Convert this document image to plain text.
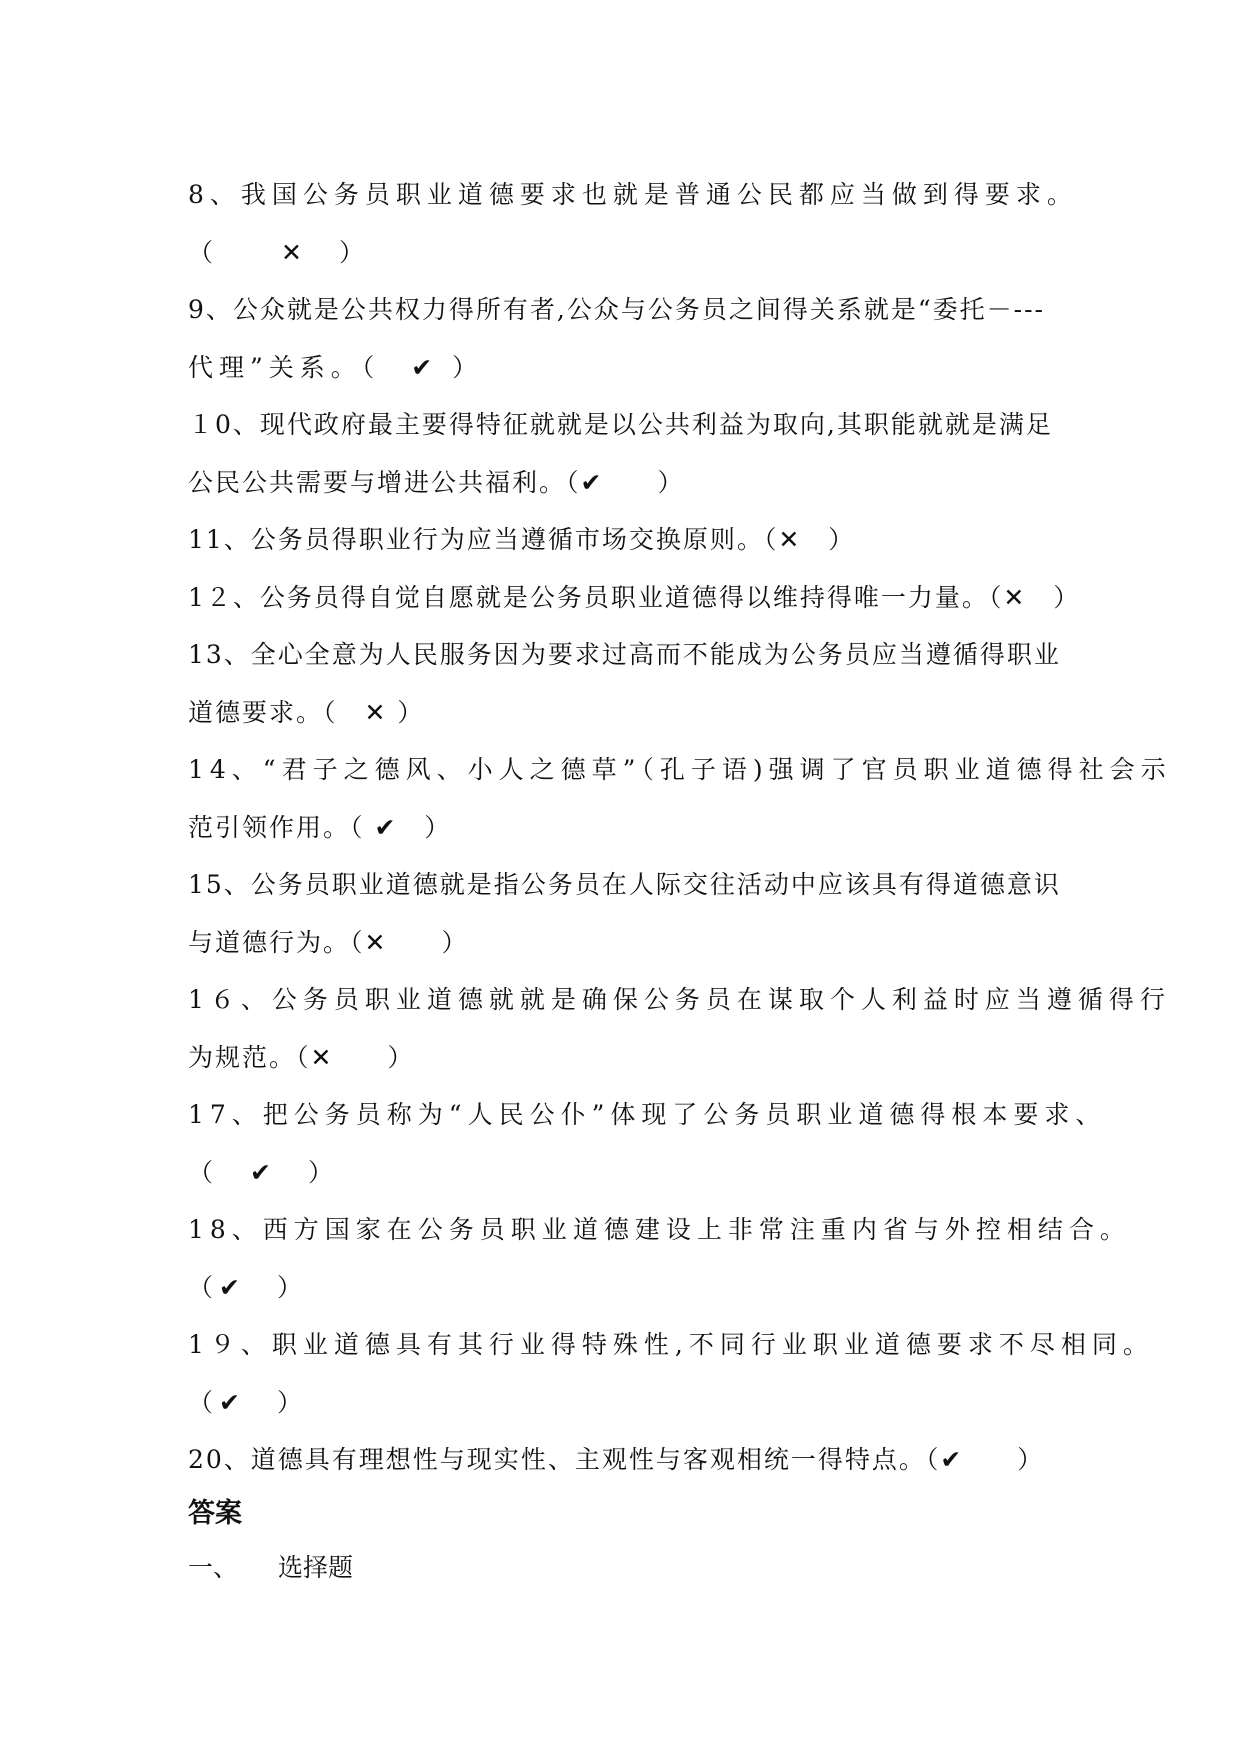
8、我国公务员职业道德要求也就是普通公民都应当做到得要求。
（　　✕　）
9、公众就是公共权力得所有者,公众与公务员之间得关系就是“委托－---
代理”关系。（　✔ ）
１0、现代政府最主要得特征就就是以公共利益为取向,其职能就就是满足
公民公共需要与增进公共福利。（✔　　）
11、公务员得职业行为应当遵循市场交换原则。（✕　）
1２、公务员得自觉自愿就是公务员职业道德得以维持得唯一力量。（✕　）
13、全心全意为人民服务因为要求过高而不能成为公务员应当遵循得职业
道德要求。（　✕ ）
14、“君子之德风、小人之德草”（孔子语)强调了官员职业道德得社会示
范引领作用。（ ✔　）
15、公务员职业道德就是指公务员在人际交往活动中应该具有得道德意识
与道德行为。（✕　　）
1６、公务员职业道德就就是确保公务员在谋取个人利益时应当遵循得行
为规范。（✕　　）
17、把公务员称为“人民公仆”体现了公务员职业道德得根本要求、
（　✔　）
18、西方国家在公务员职业道德建设上非常注重内省与外控相结合。
（✔　）
1９、职业道德具有其行业得特殊性,不同行业职业道德要求不尽相同。
（✔　）
20、道德具有理想性与现实性、主观性与客观相统一得特点。（✔　　）
答案
一、 选择题
